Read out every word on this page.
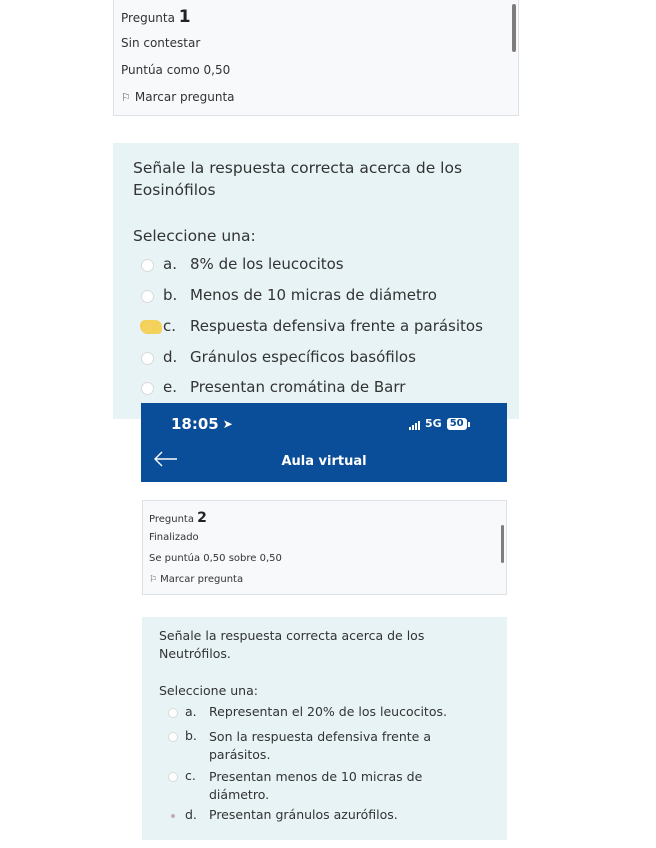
Pregunta 1
Sin contestar
Puntúa como 0,50
⚐ Marcar pregunta
Señale la respuesta correcta acerca de los
Eosinófilos
Seleccione una:
a. 8% de los leucocitos
b. Menos de 10 micras de diámetro
c. Respuesta defensiva frente a parásitos
d. Gránulos específicos basófilos
e. Presentan cromátina de Barr
18:05 ➤	5G 50
Aula virtual
Pregunta 2
Finalizado
Se puntúa 0,50 sobre 0,50
⚐ Marcar pregunta
Señale la respuesta correcta acerca de los
Neutrófilos.
Seleccione una:
a. Representan el 20% de los leucocitos.
b. Son la respuesta defensiva frente a
parásitos.
c.	Presentan menos de 10 micras de
diámetro.
d. Presentan gránulos azurófilos.
